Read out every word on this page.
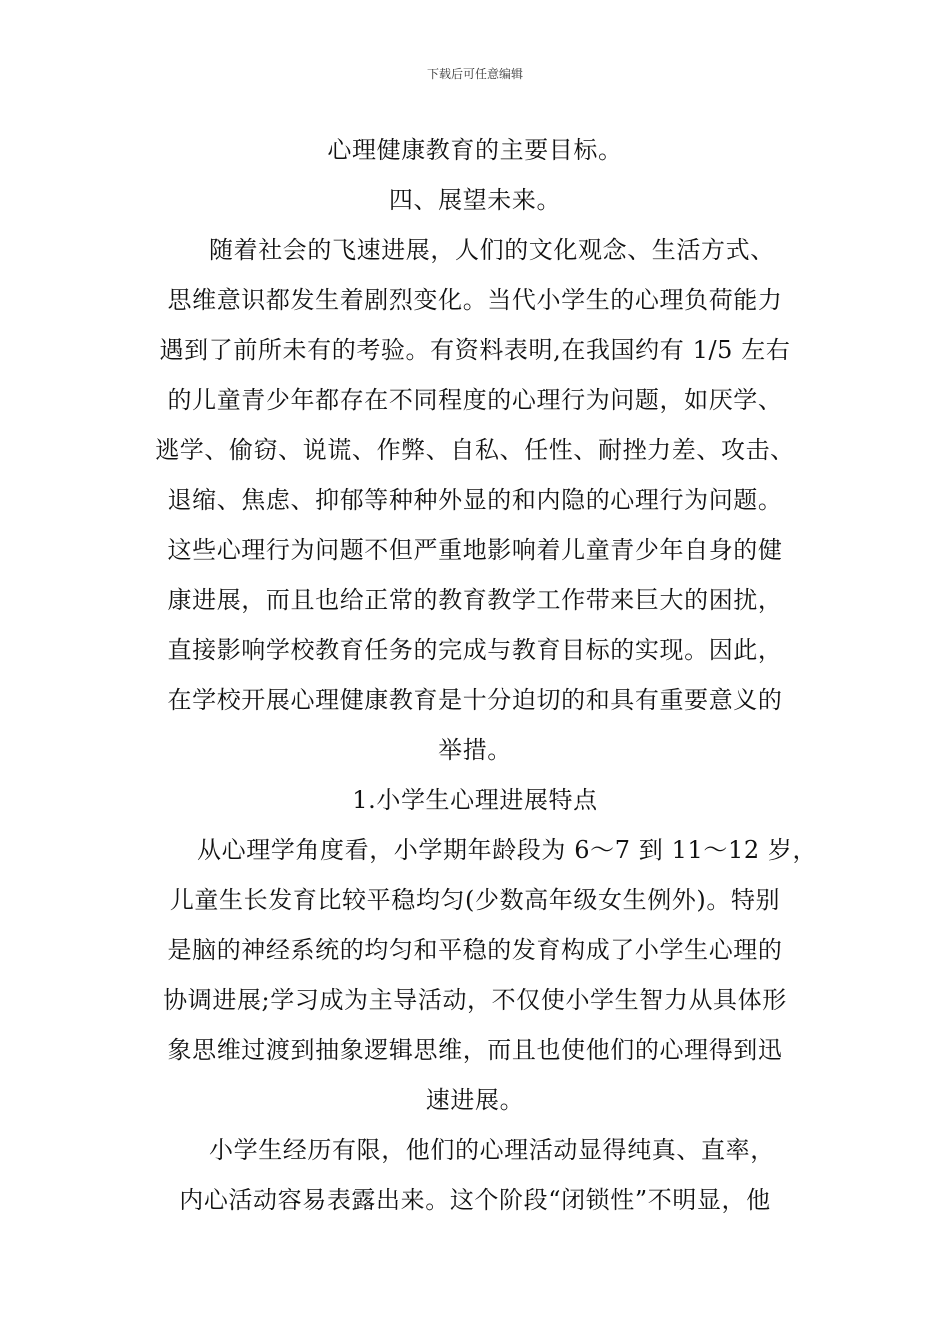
下载后可任意编辑
心理健康教育的主要目标。
四、展望未来。
随着社会的飞速进展，人们的文化观念、生活方式、
思维意识都发生着剧烈变化。当代小学生的心理负荷能力
遇到了前所未有的考验。有资料表明,在我国约有 1/5 左右
的儿童青少年都存在不同程度的心理行为问题，如厌学、
逃学、偷窃、说谎、作弊、自私、任性、耐挫力差、攻击、
退缩、焦虑、抑郁等种种外显的和内隐的心理行为问题。
这些心理行为问题不但严重地影响着儿童青少年自身的健
康进展，而且也给正常的教育教学工作带来巨大的困扰，
直接影响学校教育任务的完成与教育目标的实现。因此，
在学校开展心理健康教育是十分迫切的和具有重要意义的
举措。
1.小学生心理进展特点
从心理学角度看，小学期年龄段为 6～7 到 11～12 岁，
儿童生长发育比较平稳均匀(少数高年级女生例外)。特别
是脑的神经系统的均匀和平稳的发育构成了小学生心理的
协调进展;学习成为主导活动，不仅使小学生智力从具体形
象思维过渡到抽象逻辑思维，而且也使他们的心理得到迅
速进展。
小学生经历有限，他们的心理活动显得纯真、直率，
内心活动容易表露出来。这个阶段“闭锁性”不明显，他
